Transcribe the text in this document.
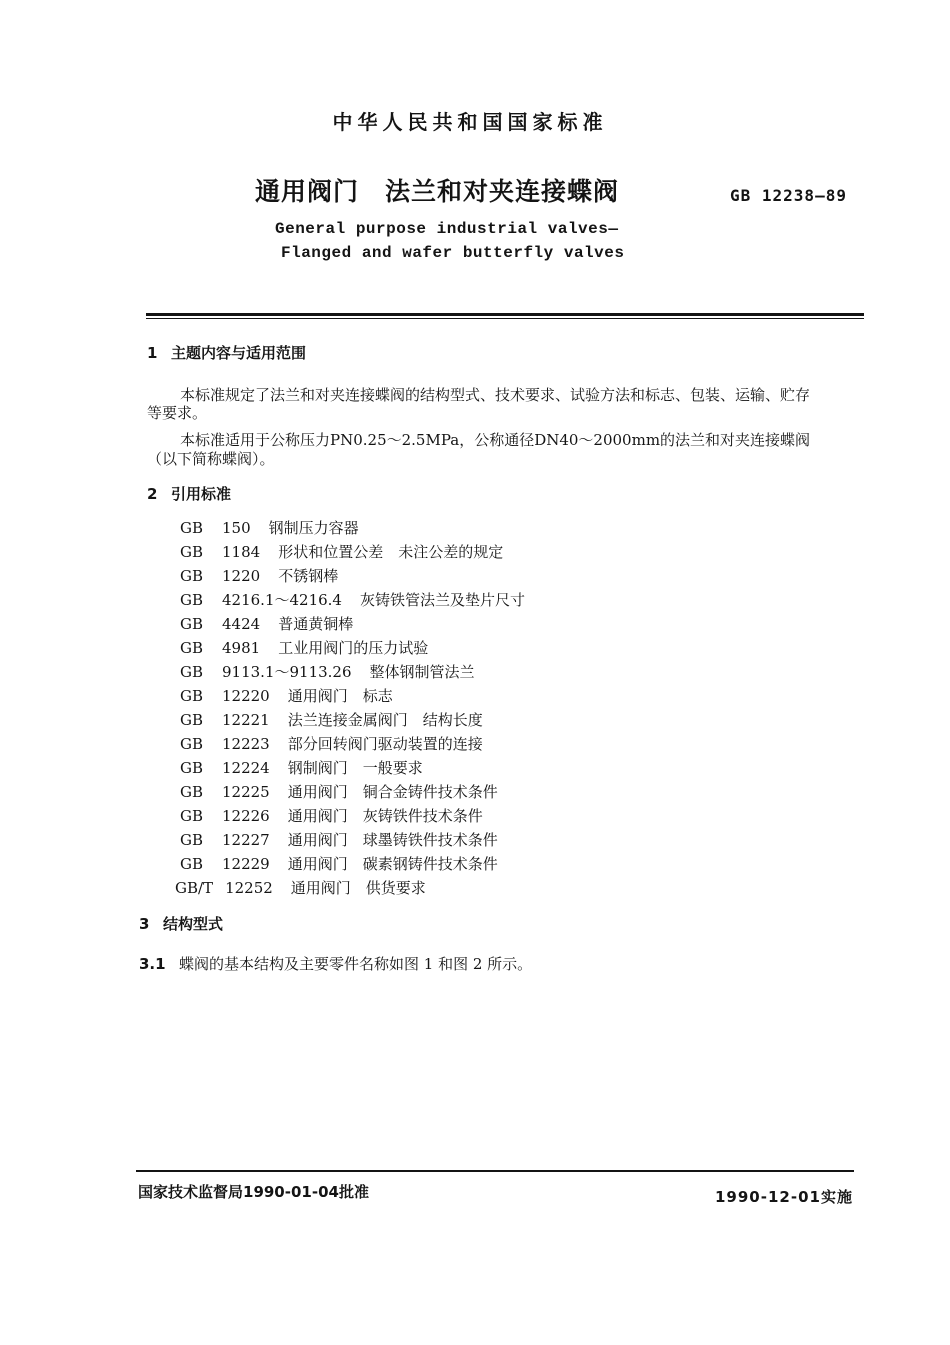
中华人民共和国国家标准
通用阀门 法兰和对夹连接蝶阀	GB 12238—89
General purpose industrial valves—
Flanged and wafer butterfly valves
1 主题内容与适用范围
本标准规定了法兰和对夹连接蝶阀的结构型式、技术要求、试验方法和标志、包装、运输、贮存
等要求。
本标准适用于公称压力PN0.25～2.5MPa，公称通径DN40～2000mm的法兰和对夹连接蝶阀
（以下简称蝶阀）。
2 引用标准
GB 150 钢制压力容器
GB 1184 形状和位置公差　未注公差的规定
GB 1220 不锈钢棒
GB 4216.1～4216.4 灰铸铁管法兰及垫片尺寸
GB 4424 普通黄铜棒
GB 4981 工业用阀门的压力试验
GB 9113.1～9113.26 整体钢制管法兰
GB 12220 通用阀门　标志
GB 12221 法兰连接金属阀门　结构长度
GB 12223 部分回转阀门驱动装置的连接
GB 12224 钢制阀门　一般要求
GB 12225 通用阀门　铜合金铸件技术条件
GB 12226 通用阀门　灰铸铁件技术条件
GB 12227 通用阀门　球墨铸铁件技术条件
GB 12229 通用阀门　碳素钢铸件技术条件
GB/T 12252 通用阀门　供货要求
3 结构型式
3.1 蝶阀的基本结构及主要零件名称如图 1 和图 2 所示。
国家技术监督局1990-01-04批准	1990-12-01实施
